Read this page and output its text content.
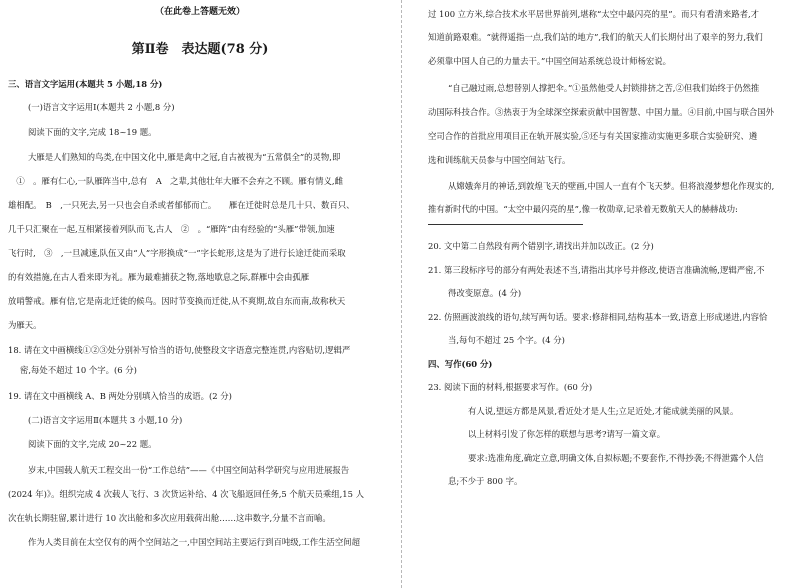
（在此卷上答题无效）
第Ⅱ卷　表达题(78 分)
三、语言文字运用(本题共 5 小题,18 分)
(一)语言文字运用Ⅰ(本题共 2 小题,8 分)
阅读下面的文字,完成 18~19 题。
大雁是人们熟知的鸟类,在中国文化中,雁是禽中之冠,自古被视为“五常俱全”的灵物,即
　①　。雁有仁心,一队雁阵当中,总有　A　之辈,其他壮年大雁不会弃之不顾。雁有情义,雌
雄相配。　B　,一只死去,另一只也会自杀或者郁郁而亡。　　雁在迁徙时总是几十只、数百只、
几千只汇聚在一起,互相紧接着列队而飞,古人　②　。“雁阵”由有经验的“头雁”带领,加速
飞行时,　③　,一旦减速,队伍又由“人”字形换成“一”字长蛇形,这是为了进行长途迁徙而采取
的有效措施,在古人看来即为礼。雁为最难捕获之物,落地歇息之际,群雁中会由孤雁
放哨警戒。雁有信,它是南北迁徙的候鸟。因时节变换而迁徙,从不爽期,故自东而南,故称秋天
为雁天。
18. 请在文中画横线①②③处分别补写恰当的语句,使整段文字语意完整连贯,内容贴切,逻辑严
密,每处不超过 10 个字。(6 分)
19. 请在文中画横线 A、B 两处分别填入恰当的成语。(2 分)
(二)语言文字运用Ⅱ(本题共 3 小题,10 分)
阅读下面的文字,完成 20~22 题。
岁末,中国载人航天工程交出一份“工作总结”——《中国空间站科学研究与应用进展报告
(2024 年)》。组织完成 4 次载人飞行、3 次货运补给、4 次飞船返回任务,5 个航天员乘组,15 人
次在轨长期驻留,累计进行 10 次出舱和多次应用载荷出舱……这串数字,分量不言而喻。
作为人类目前在太空仅有的两个空间站之一,中国空间站主要运行到百吨级,工作生活空间超
过 100 立方米,综合技术水平居世界前列,堪称“太空中最闪亮的星”。而只有看清来路者,才
知道前路艰难。“就得遥指一点,我们站的地方”,我们的航天人们长期付出了艰辛的努力,我们
必须靠中国人自己的力量去干。”中国空间站系统总设计师杨宏说。
“自己融过雨,总想替别人撑把伞。”①虽然他受人封锁排挤之苦,②但我们始终于仍然推
动国际科技合作。③热衷于为全球深空探索贡献中国智慧、中国力量。④目前,中国与联合国外
空司合作的首批应用项目正在轨开展实验,⑤还与有关国家推动实施更多联合实验研究、遴
选和训练航天员参与中国空间站飞行。
从嫦娥奔月的神话,到敦煌飞天的壁画,中国人一直有个飞天梦。但将浪漫梦想化作现实的,
推有新时代的中国。“太空中最闪亮的星”,像一枚勋章,记录着无数航天人的赫赫战功:
20. 文中第二自然段有两个错别字,请找出并加以改正。(2 分)
21. 第三段标序号的部分有两处表述不当,请指出其序号并修改,使语言准确流畅,逻辑严密,不
得改变原意。(4 分)
22. 仿照画波浪线的语句,续写两句话。要求:修辞相同,结构基本一致,语意上形成递进,内容恰
当,每句不超过 25 个字。(4 分)
四、写作(60 分)
23. 阅读下面的材料,根据要求写作。(60 分)
有人说,望远方都是风景,看近处才是人生;立足近处,才能成就美丽的风景。
以上材料引发了你怎样的联想与思考?请写一篇文章。
要求:选准角度,确定立意,明确文体,自拟标题;不要套作,不得抄袭;不得泄露个人信
息;不少于 800 字。
